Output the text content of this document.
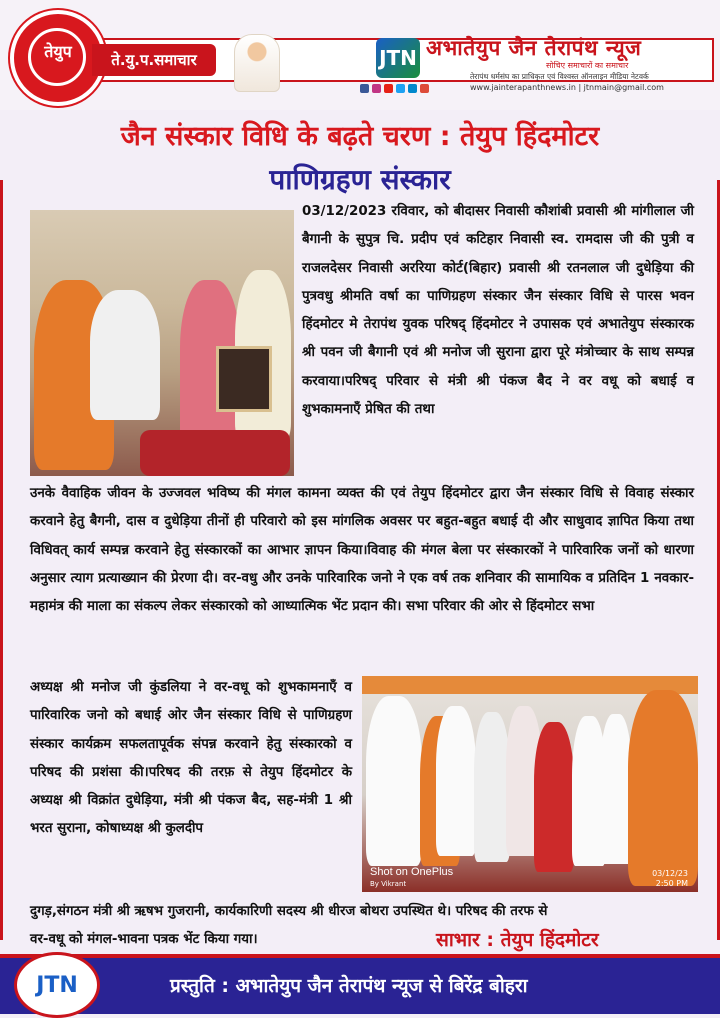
तेयुप	ते.यु.प.समाचार	JTN अभातेयुप जैन तेरापंथ न्यूज
सोचिए समाचारों का समाचार
तेरापंथ धर्मसंघ का प्राधिकृत एवं विश्वस्त ऑनलाइन मीडिया नेटवर्क
www.jainterapanthnews.in | jtnmain@gmail.com
जैन संस्कार विधि के बढ़ते चरण : तेयुप हिंदमोटर
पाणिग्रहण संस्कार
03/12/2023 रविवार, को बीदासर निवासी कौशांबी प्रवासी श्री मांगीलाल जी बैगानी के सुपुत्र चि. प्रदीप एवं कटिहार निवासी स्व. रामदास जी की पुत्री व राजलदेसर निवासी अररिया कोर्ट(बिहार) प्रवासी श्री रतनलाल जी दुधेड़िया की पुत्रवधु श्रीमति वर्षा का पाणिग्रहण संस्कार जैन संस्कार विधि से पारस भवन हिंदमोटर मे तेरापंथ युवक परिषद् हिंदमोटर ने उपासक एवं अभातेयुप संस्कारक श्री पवन जी बैगानी एवं श्री मनोज जी सुराना द्वारा पूरे मंत्रोच्चार के साथ सम्पन्न करवाया।परिषद् परिवार से मंत्री श्री पंकज बैद ने वर वधू को बधाई व शुभकामनाएँ प्रेषित की तथा
उनके वैवाहिक जीवन के उज्जवल भविष्य की मंगल कामना व्यक्त की एवं तेयुप हिंदमोटर द्वारा जैन संस्कार विधि से विवाह संस्कार करवाने हेतु बैगनी, दास व दुधेड़िया तीनों ही परिवारो को इस मांगलिक अवसर पर बहुत-बहुत बधाई दी और साधुवाद ज्ञापित किया तथा विधिवत् कार्य सम्पन्न करवाने हेतु संस्कारकों का आभार ज्ञापन किया।विवाह की मंगल बेला पर संस्कारकों ने पारिवारिक जनों को धारणा अनुसार त्याग प्रत्याख्यान की प्रेरणा दी। वर-वधु और उनके पारिवारिक जनो ने एक वर्ष तक शनिवार की सामायिक व प्रतिदिन 1 नवकार-महामंत्र की माला का संकल्प लेकर संस्कारको को आध्यात्मिक भेंट प्रदान की। सभा परिवार की ओर से हिंदमोटर सभा
अध्यक्ष श्री मनोज जी कुंडलिया ने वर-वधू को शुभकामनाएँ व पारिवारिक जनो को बधाई ओर जैन संस्कार विधि से पाणिग्रहण संस्कार कार्यक्रम सफलतापूर्वक संपन्न करवाने हेतु संस्कारको व परिषद की प्रशंसा की।परिषद की तरफ़ से तेयुप हिंदमोटर के अध्यक्ष श्री विक्रांत दुधेड़िया, मंत्री श्री पंकज बैद, सह-मंत्री 1 श्री भरत सुराना, कोषाध्यक्ष श्री कुलदीप
Shot on OnePlus
By Vikrant
03/12/23
2:50 PM
दुगड़,संगठन मंत्री श्री ऋषभ गुजरानी, कार्यकारिणी सदस्य श्री धीरज बोथरा उपस्थित थे। परिषद की तरफ से
वर-वधू को मंगल-भावना पत्रक भेंट किया गया।	साभार : तेयुप हिंदमोटर
JTN	प्रस्तुति : अभातेयुप जैन तेरापंथ न्यूज से बिरेंद्र बोहरा
